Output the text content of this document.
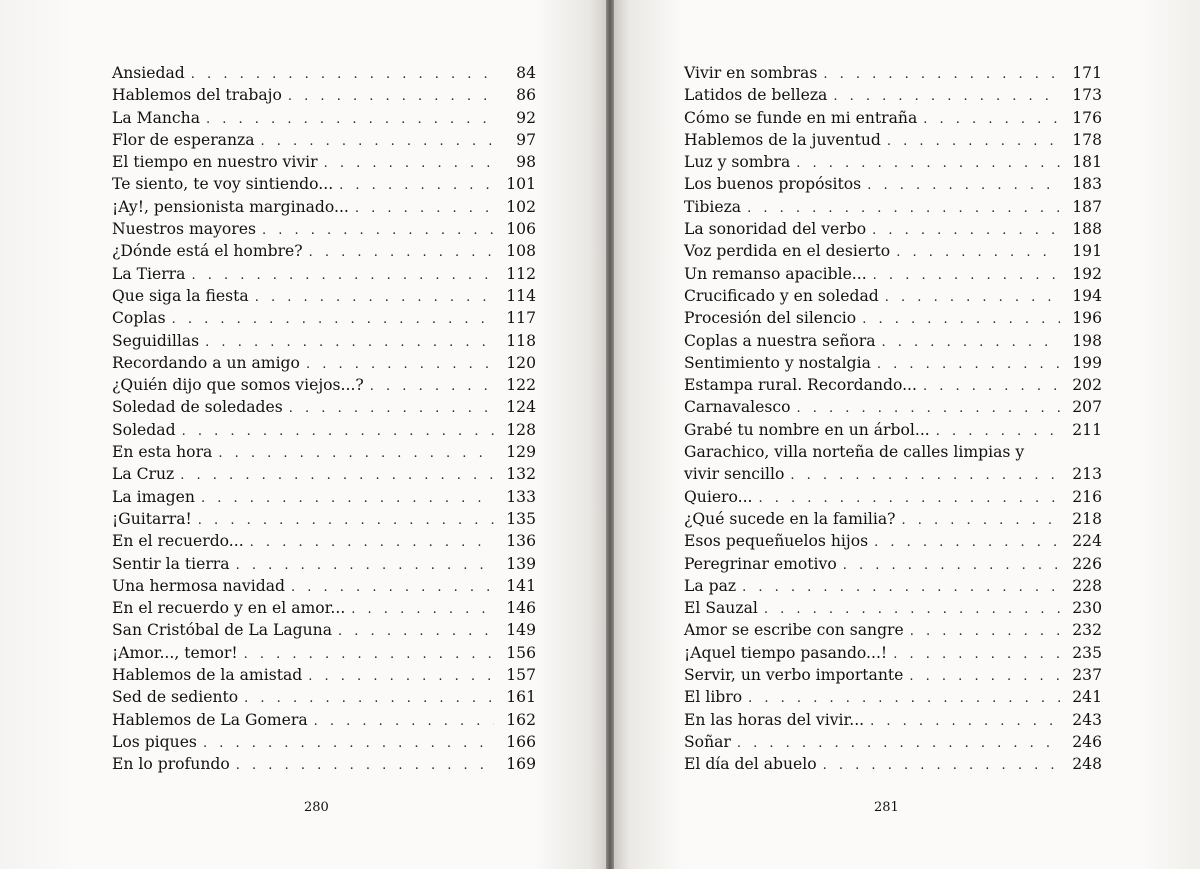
Ansiedad . . .	84
Hablemos del trabajo . . .	86
La Mancha . . .	92
Flor de esperanza . . .	97
El tiempo en nuestro vivir . . .	98
Te siento, te voy sintiendo... . . .	101
¡Ay!, pensionista marginado... . . .	102
Nuestros mayores . . .	106
¿Dónde está el hombre? . . .	108
La Tierra . . .	112
Que siga la fiesta . . .	114
Coplas . . .	117
Seguidillas . . .	118
Recordando a un amigo . . .	120
¿Quién dijo que somos viejos...? . . .	122
Soledad de soledades . . .	124
Soledad . . .	128
En esta hora . . .	129
La Cruz . . .	132
La imagen . . .	133
¡Guitarra! . . .	135
En el recuerdo... . . .	136
Sentir la tierra . . .	139
Una hermosa navidad . . .	141
En el recuerdo y en el amor... . . .	146
San Cristóbal de La Laguna . . .	149
¡Amor..., temor! . . .	156
Hablemos de la amistad . . .	157
Sed de sediento . . .	161
Hablemos de La Gomera . . .	162
Los piques . . .	166
En lo profundo . . .	169
Vivir en sombras . . .	171
Latidos de belleza . . .	173
Cómo se funde en mi entraña . . .	176
Hablemos de la juventud . . .	178
Luz y sombra . . .	181
Los buenos propósitos . . .	183
Tibieza . . .	187
La sonoridad del verbo . . .	188
Voz perdida en el desierto . . .	191
Un remanso apacible... . . .	192
Crucificado y en soledad . . .	194
Procesión del silencio . . .	196
Coplas a nuestra señora . . .	198
Sentimiento y nostalgia . . .	199
Estampa rural. Recordando... . . .	202
Carnavalesco . . .	207
Grabé tu nombre en un árbol... . . .	211
Garachico, villa norteña de calles limpias y
vivir sencillo . . .	213
Quiero... . . .	216
¿Qué sucede en la familia? . . .	218
Esos pequeñuelos hijos . . .	224
Peregrinar emotivo . . .	226
La paz . . .	228
El Sauzal . . .	230
Amor se escribe con sangre . . .	232
¡Aquel tiempo pasando...! . . .	235
Servir, un verbo importante . . .	237
El libro . . .	241
En las horas del vivir... . . .	243
Soñar . . .	246
El día del abuelo . . .	248
280	281
